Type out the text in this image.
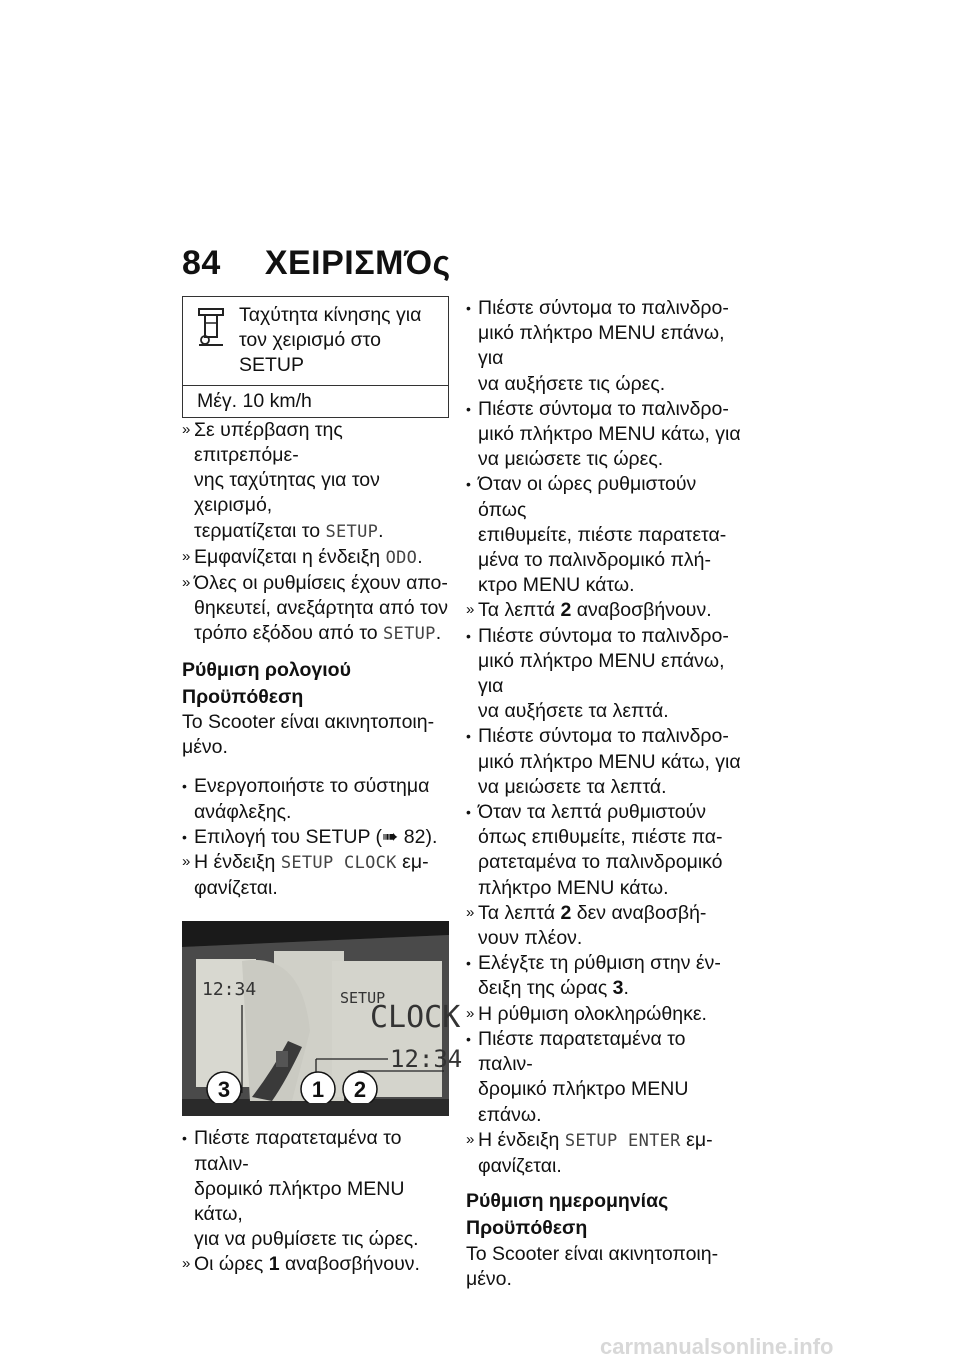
84 ΧΕΙΡΙΣΜΌς
Ταχύτητα κίνησης για τον χειρισμό στο SETUP
Μέγ. 10 km/h
» Σε υπέρβαση της επιτρεπόμε-
νης ταχύτητας για τον χειρισμό,
τερματίζεται το SETUP.
» Εμφανίζεται η ένδειξη ODO.
» Όλες οι ρυθμίσεις έχουν απο-
θηκευτεί, ανεξάρτητα από τον
τρόπο εξόδου από το SETUP.
Ρύθμιση ρολογιού
Προϋπόθεση
Το Scooter είναι ακινητοποιη-
μένο.
• Ενεργοποιήστε το σύστημα
ανάφλεξης.
• Επιλογή του SETUP (➠ 82).
» Η ένδειξη SETUP CLOCK εμ-
φανίζεται.
12:34	SETUP
CLOCK
12:34
3	1 2
• Πιέστε παρατεταμένα το παλιν-
δρομικό πλήκτρο MENU κάτω,
για να ρυθμίσετε τις ώρες.
» Οι ώρες 1 αναβοσβήνουν.
• Πιέστε σύντομα το παλινδρο-
μικό πλήκτρο MENU επάνω, για
να αυξήσετε τις ώρες.
• Πιέστε σύντομα το παλινδρο-
μικό πλήκτρο MENU κάτω, για
να μειώσετε τις ώρες.
• Όταν οι ώρες ρυθμιστούν όπως
επιθυμείτε, πιέστε παρατετα-
μένα το παλινδρομικό πλή-
κτρο MENU κάτω.
» Τα λεπτά 2 αναβοσβήνουν.
• Πιέστε σύντομα το παλινδρο-
μικό πλήκτρο MENU επάνω, για
να αυξήσετε τα λεπτά.
• Πιέστε σύντομα το παλινδρο-
μικό πλήκτρο MENU κάτω, για
να μειώσετε τα λεπτά.
• Όταν τα λεπτά ρυθμιστούν
όπως επιθυμείτε, πιέστε πα-
ρατεταμένα το παλινδρομικό
πλήκτρο MENU κάτω.
» Τα λεπτά 2 δεν αναβοσβή-
νουν πλέον.
• Ελέγξτε τη ρύθμιση στην έν-
δειξη της ώρας 3.
» Η ρύθμιση ολοκληρώθηκε.
• Πιέστε παρατεταμένα το παλιν-
δρομικό πλήκτρο MENU επάνω.
» Η ένδειξη SETUP ENTER εμ-
φανίζεται.
Ρύθμιση ημερομηνίας
Προϋπόθεση
Το Scooter είναι ακινητοποιη-
μένο.
carmanualsonline.info
